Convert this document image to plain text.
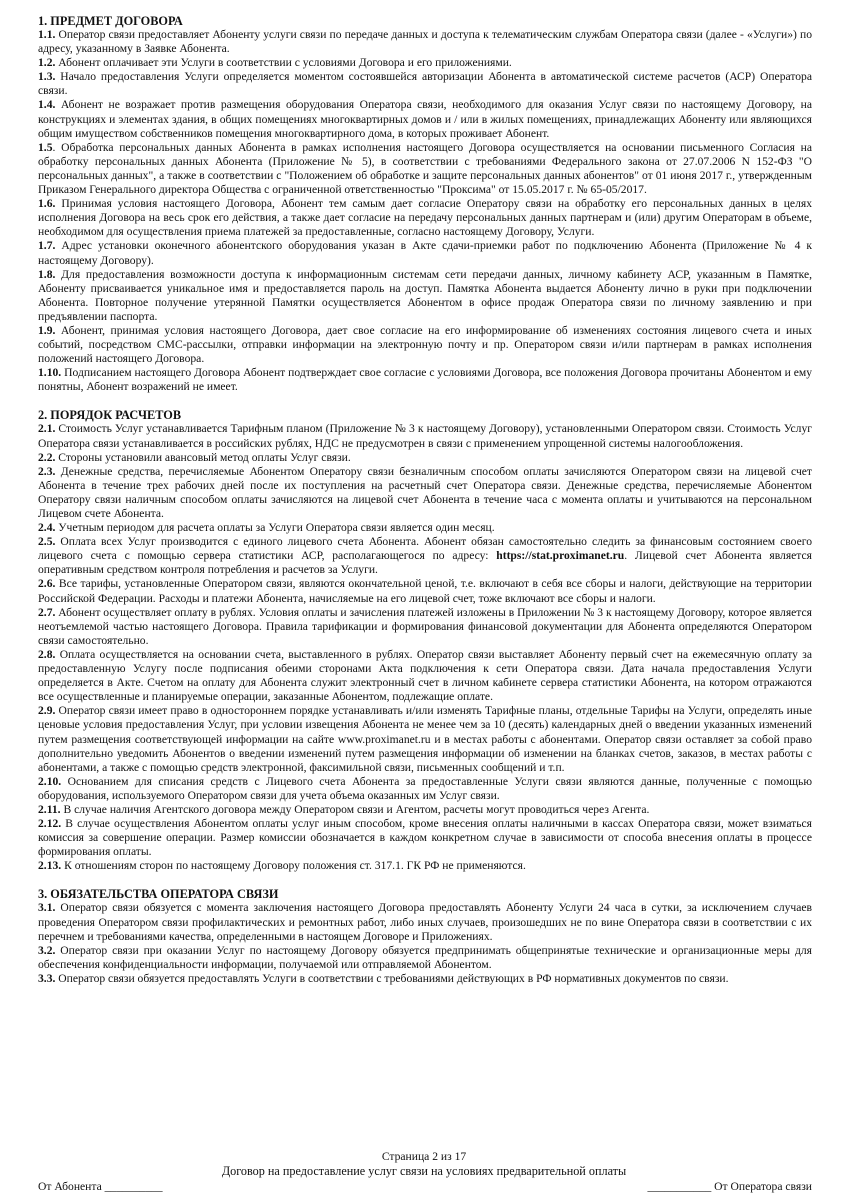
1. ПРЕДМЕТ ДОГОВОРА

1.1. Оператор связи предоставляет Абоненту услуги связи по передаче данных и доступа к телематическим службам Оператора связи (далее - «Услуги») по адресу, указанному в Заявке Абонента.

1.2. Абонент оплачивает эти Услуги в соответствии с условиями Договора и его приложениями.

1.3. Начало предоставления Услуги определяется моментом состоявшейся авторизации Абонента в автоматической системе расчетов (АСР) Оператора связи.

1.4. Абонент не возражает против размещения оборудования Оператора связи, необходимого для оказания Услуг связи по настоящему Договору, на конструкциях и элементах здания, в общих помещениях многоквартирных домов и / или в жилых помещениях, принадлежащих Абоненту или являющихся общим имуществом собственников помещения многоквартирного дома, в которых проживает Абонент.

1.5. Обработка персональных данных Абонента в рамках исполнения настоящего Договора осуществляется на основании письменного Согласия на обработку персональных данных Абонента (Приложение № 5), в соответствии с требованиями Федерального закона от 27.07.2006 N 152-ФЗ "О персональных данных", а также в соответствии с "Положением об обработке и защите персональных данных абонентов" от 01 июня 2017 г., утвержденным Приказом Генерального директора Общества с ограниченной ответственностью "Проксима" от 15.05.2017 г. № 65-05/2017.

1.6. Принимая условия настоящего Договора, Абонент тем самым дает согласие Оператору связи на обработку его персональных данных в целях исполнения Договора на весь срок его действия, а также дает согласие на передачу персональных данных партнерам и (или) другим Операторам в объеме, необходимом для осуществления приема платежей за предоставленные, согласно настоящему Договору, Услуги.

1.7. Адрес установки оконечного абонентского оборудования указан в Акте сдачи-приемки работ по подключению Абонента (Приложение № 4 к настоящему Договору).

1.8. Для предоставления возможности доступа к информационным системам сети передачи данных, личному кабинету АСР, указанным в Памятке, Абоненту присваивается уникальное имя и предоставляется пароль на доступ. Памятка Абонента выдается Абоненту лично в руки при подключении Абонента. Повторное получение утерянной Памятки осуществляется Абонентом в офисе продаж Оператора связи по личному заявлению и при предъявлении паспорта.

1.9. Абонент, принимая условия настоящего Договора, дает свое согласие на его информирование об изменениях состояния лицевого счета и иных событий, посредством СМС-рассылки, отправки информации на электронную почту и пр. Оператором связи и/или партнерам в рамках исполнения положений настоящего Договора.

1.10. Подписанием настоящего Договора Абонент подтверждает свое согласие с условиями Договора, все положения Договора прочитаны Абонентом и ему понятны, Абонент возражений не имеет.

2. ПОРЯДОК РАСЧЕТОВ

2.1. Стоимость Услуг устанавливается Тарифным планом (Приложение № 3 к настоящему Договору), установленными Оператором связи. Стоимость Услуг Оператора связи устанавливается в российских рублях, НДС не предусмотрен в связи с применением упрощенной системы налогообложения.

2.2. Стороны установили авансовый метод оплаты Услуг связи.

2.3. Денежные средства, перечисляемые Абонентом Оператору связи безналичным способом оплаты зачисляются Оператором связи на лицевой счет Абонента в течение трех рабочих дней после их поступления на расчетный счет Оператора связи. Денежные средства, перечисляемые Абонентом Оператору связи наличным способом оплаты зачисляются на лицевой счет Абонента в течение часа с момента оплаты и учитываются на персональном Лицевом счете Абонента.

2.4. Учетным периодом для расчета оплаты за Услуги Оператора связи является один месяц.

2.5. Оплата всех Услуг производится с единого лицевого счета Абонента. Абонент обязан самостоятельно следить за финансовым состоянием своего лицевого счета с помощью сервера статистики АСР, располагающегося по адресу: https://stat.proximanet.ru. Лицевой счет Абонента является оперативным средством контроля потребления и расчетов за Услуги.

2.6. Все тарифы, установленные Оператором связи, являются окончательной ценой, т.е. включают в себя все сборы и налоги, действующие на территории Российской Федерации. Расходы и платежи Абонента, начисляемые на его лицевой счет, тоже включают все сборы и налоги.

2.7. Абонент осуществляет оплату в рублях. Условия оплаты и зачисления платежей изложены в Приложении № 3 к настоящему Договору, которое является неотъемлемой частью настоящего Договора. Правила тарификации и формирования финансовой документации для Абонента определяются Оператором связи самостоятельно.

2.8. Оплата осуществляется на основании счета, выставленного в рублях. Оператор связи выставляет Абоненту первый счет на ежемесячную оплату за предоставленную Услугу после подписания обеими сторонами Акта подключения к сети Оператора связи. Дата начала предоставления Услуги определяется в Акте. Счетом на оплату для Абонента служит электронный счет в личном кабинете сервера статистики Абонента, на котором отражаются все осуществленные и планируемые операции, заказанные Абонентом, подлежащие оплате.

2.9. Оператор связи имеет право в одностороннем порядке устанавливать и/или изменять Тарифные планы, отдельные Тарифы на Услуги, определять иные ценовые условия предоставления Услуг, при условии извещения Абонента не менее чем за 10 (десять) календарных дней о введении указанных изменений путем размещения соответствующей информации на сайте www.proximanet.ru и в местах работы с абонентами. Оператор связи оставляет за собой право дополнительно уведомить Абонентов о введении изменений путем размещения информации об изменении на бланках счетов, заказов, в местах работы с абонентами, а также с помощью средств электронной, факсимильной связи, письменных сообщений и т.п.

2.10. Основанием для списания средств с Лицевого счета Абонента за предоставленные Услуги связи являются данные, полученные с помощью оборудования, используемого Оператором связи для учета объема оказанных им Услуг связи.

2.11. В случае наличия Агентского договора между Оператором связи и Агентом, расчеты могут проводиться через Агента.

2.12. В случае осуществления Абонентом оплаты услуг иным способом, кроме внесения оплаты наличными в кассах Оператора связи, может взиматься комиссия за совершение операции. Размер комиссии обозначается в каждом конкретном случае в зависимости от способа внесения оплаты в процессе формирования оплаты.

2.13. К отношениям сторон по настоящему Договору положения ст. 317.1. ГК РФ не применяются.

3. ОБЯЗАТЕЛЬСТВА ОПЕРАТОРА СВЯЗИ

3.1. Оператор связи обязуется с момента заключения настоящего Договора предоставлять Абоненту Услуги 24 часа в сутки, за исключением случаев проведения Оператором связи профилактических и ремонтных работ, либо иных случаев, произошедших не по вине Оператора связи в соответствии с их перечнем и требованиями качества, определенными в настоящем Договоре и Приложениях.

3.2. Оператор связи при оказании Услуг по настоящему Договору обязуется предпринимать общепринятые технические и организационные меры для обеспечения конфиденциальности информации, получаемой или отправляемой Абонентом.

3.3. Оператор связи обязуется предоставлять Услуги в соответствии с требованиями действующих в РФ нормативных документов по связи.

Страница 2 из 17
Договор на предоставление услуг связи на условиях предварительной оплаты
От Абонента __________	___________ От Оператора связи
